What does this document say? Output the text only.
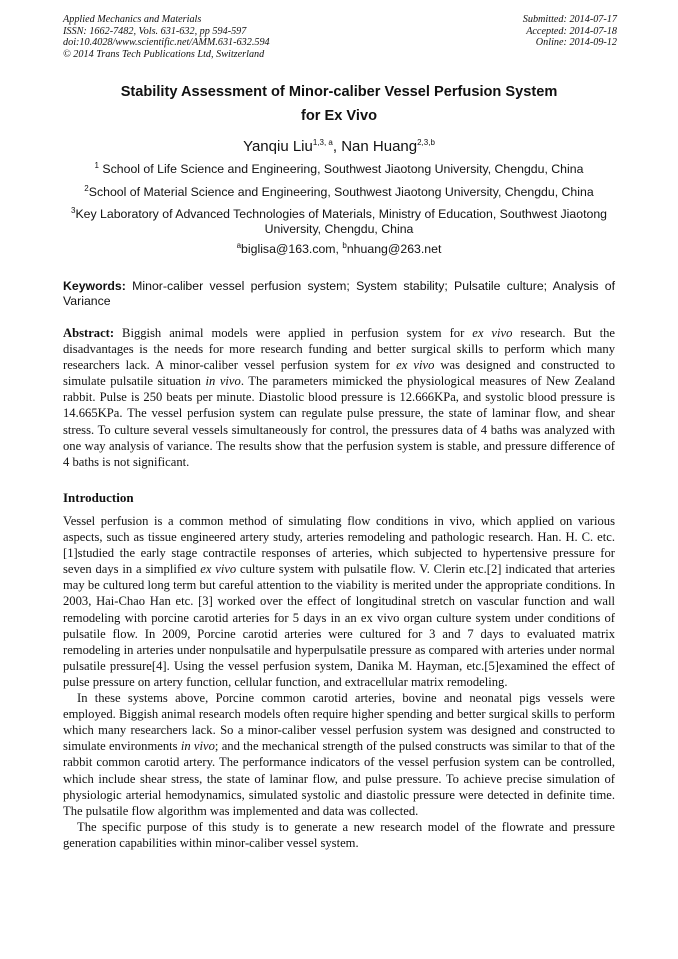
Applied Mechanics and Materials
ISSN: 1662-7482, Vols. 631-632, pp 594-597
doi:10.4028/www.scientific.net/AMM.631-632.594
© 2014 Trans Tech Publications Ltd, Switzerland
Submitted: 2014-07-17
Accepted: 2014-07-18
Online: 2014-09-12
Stability Assessment of Minor-caliber Vessel Perfusion System
for Ex Vivo
Yanqiu Liu$^{1,3, a}$, Nan Huang$^{2,3,b}$
$^1$ School of Life Science and Engineering, Southwest Jiaotong University, Chengdu, China
$^2$School of Material Science and Engineering, Southwest Jiaotong University, Chengdu, China
$^3$Key Laboratory of Advanced Technologies of Materials, Ministry of Education, Southwest Jiaotong
University, Chengdu, China
$^a$biglisa@163.com, $^b$nhuang@263.net
Keywords: Minor-caliber vessel perfusion system; System stability; Pulsatile culture; Analysis of Variance

Abstract: Biggish animal models were applied in perfusion system for ex vivo research. But the disadvantages is the needs for more research funding and better surgical skills to perform which many researchers lack. A minor-caliber vessel perfusion system for ex vivo was designed and constructed to simulate pulsatile situation in vivo. The parameters mimicked the physiological measures of New Zealand rabbit. Pulse is 250 beats per minute. Diastolic blood pressure is 12.666KPa, and systolic blood pressure is 14.665KPa. The vessel perfusion system can regulate pulse pressure, the state of laminar flow, and shear stress. To culture several vessels simultaneously for control, the pressures data of 4 baths was analyzed with one way analysis of variance. The results show that the perfusion system is stable, and pressure difference of 4 baths is not significant.

Introduction

Vessel perfusion is a common method of simulating flow conditions in vivo, which applied on various aspects, such as tissue engineered artery study, arteries remodeling and pathologic research. Han. H. C. etc. [1]studied the early stage contractile responses of arteries, which subjected to hypertensive pressure for seven days in a simplified ex vivo culture system with pulsatile flow. V. Clerin etc.[2] indicated that arteries may be cultured long term but careful attention to the viability is merited under the appropriate conditions. In 2003, Hai-Chao Han etc. [3] worked over the effect of longitudinal stretch on vascular function and wall remodeling with porcine carotid arteries for 5 days in an ex vivo organ culture system under conditions of pulsatile flow. In 2009, Porcine carotid arteries were cultured for 3 and 7 days to evaluated matrix remodeling in arteries under nonpulsatile and hyperpulsatile pressure as compared with arteries under normal pulsatile pressure[4]. Using the vessel perfusion system, Danika M. Hayman, etc.[5]examined the effect of pulse pressure on artery function, cellular function, and extracellular matrix remodeling.

In these systems above, Porcine common carotid arteries, bovine and neonatal pigs vessels were employed. Biggish animal research models often require higher spending and better surgical skills to perform which many researchers lack. So a minor-caliber vessel perfusion system was designed and constructed to simulate environments in vivo; and the mechanical strength of the pulsed constructs was similar to that of the rabbit common carotid artery. The performance indicators of the vessel perfusion system can be controlled, which include shear stress, the state of laminar flow, and pulse pressure. To achieve precise simulation of physiologic arterial hemodynamics, simulated systolic and diastolic pressure were detected in definite time. The pulsatile flow algorithm was implemented and data was collected.

The specific purpose of this study is to generate a new research model of the flowrate and pressure generation capabilities within minor-caliber vessel system.
